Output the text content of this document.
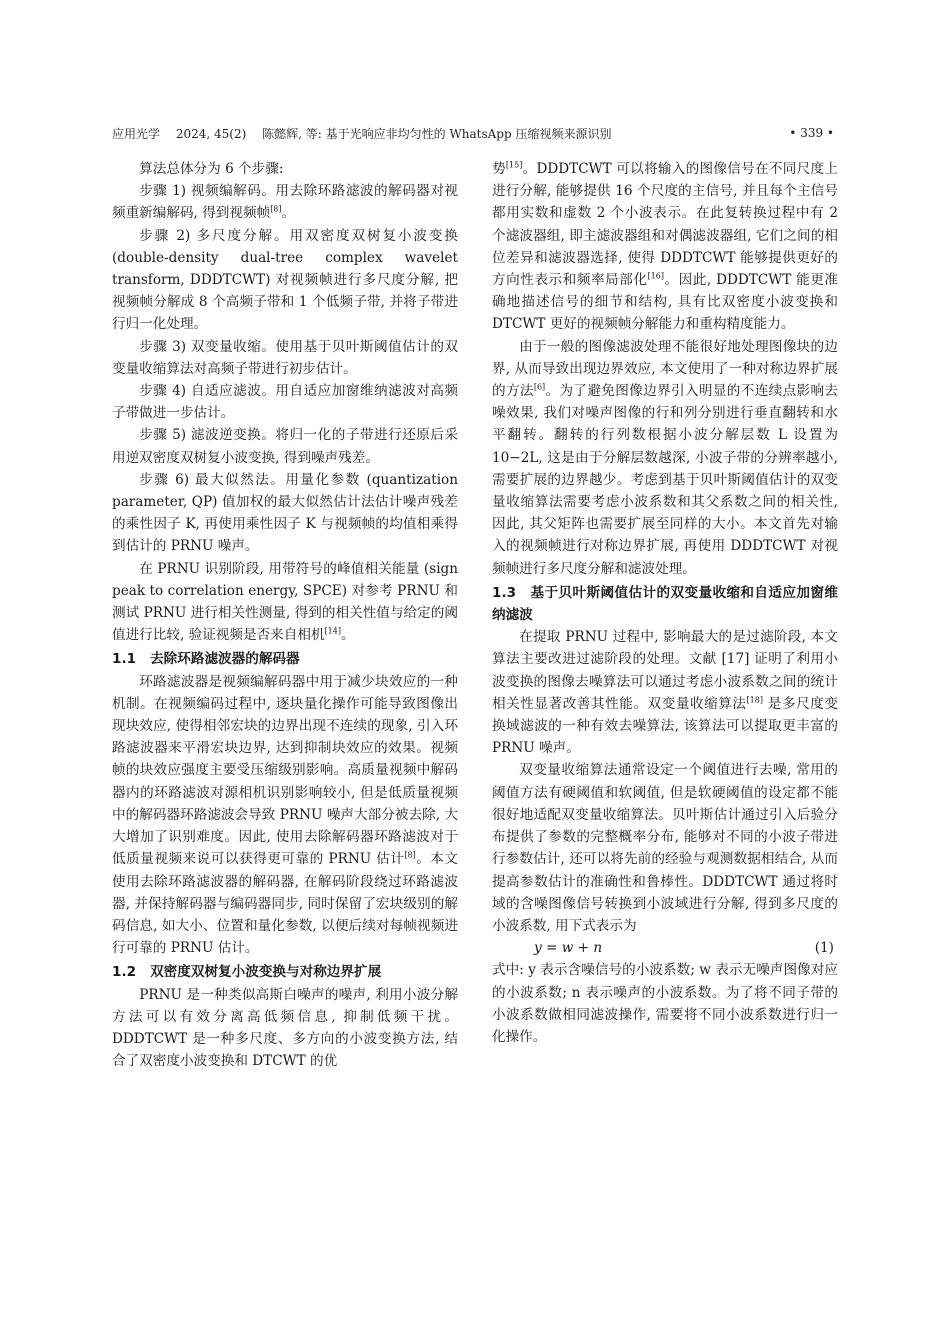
应用光学 2024, 45(2) 陈懿辉, 等: 基于光响应非均匀性的 WhatsApp 压缩视频来源识别	• 339 •

算法总体分为 6 个步骤:

步骤 1) 视频编解码。用去除环路滤波的解码器对视频重新编解码, 得到视频帧[8]。

步骤 2) 多尺度分解。用双密度双树复小波变换 (double-density dual-tree complex wavelet transform, DDDTCWT) 对视频帧进行多尺度分解, 把视频帧分解成 8 个高频子带和 1 个低频子带, 并将子带进行归一化处理。

步骤 3) 双变量收缩。使用基于贝叶斯阈值估计的双变量收缩算法对高频子带进行初步估计。

步骤 4) 自适应滤波。用自适应加窗维纳滤波对高频子带做进一步估计。

步骤 5) 滤波逆变换。将归一化的子带进行还原后采用逆双密度双树复小波变换, 得到噪声残差。

步骤 6) 最大似然法。用量化参数 (quantization parameter, QP) 值加权的最大似然估计法估计噪声残差的乘性因子 K, 再使用乘性因子 K 与视频帧的均值相乘得到估计的 PRNU 噪声。

在 PRNU 识别阶段, 用带符号的峰值相关能量 (sign peak to correlation energy, SPCE) 对参考 PRNU 和测试 PRNU 进行相关性测量, 得到的相关性值与给定的阈值进行比较, 验证视频是否来自相机[14]。

1.1 去除环路滤波器的解码器

环路滤波器是视频编解码器中用于减少块效应的一种机制。在视频编码过程中, 逐块量化操作可能导致图像出现块效应, 使得相邻宏块的边界出现不连续的现象, 引入环路滤波器来平滑宏块边界, 达到抑制块效应的效果。视频帧的块效应强度主要受压缩级别影响。高质量视频中解码器内的环路滤波对源相机识别影响较小, 但是低质量视频中的解码器环路滤波会导致 PRNU 噪声大部分被去除, 大大增加了识别难度。因此, 使用去除解码器环路滤波对于低质量视频来说可以获得更可靠的 PRNU 估计[8]。本文使用去除环路滤波器的解码器, 在解码阶段绕过环路滤波器, 并保持解码器与编码器同步, 同时保留了宏块级别的解码信息, 如大小、位置和量化参数, 以便后续对每帧视频进行可靠的 PRNU 估计。

1.2 双密度双树复小波变换与对称边界扩展

PRNU 是一种类似高斯白噪声的噪声, 利用小波分解方法可以有效分离高低频信息, 抑制低频干扰。DDDTCWT 是一种多尺度、多方向的小波变换方法, 结合了双密度小波变换和 DTCWT 的优

势[15]。DDDTCWT 可以将输入的图像信号在不同尺度上进行分解, 能够提供 16 个尺度的主信号, 并且每个主信号都用实数和虚数 2 个小波表示。在此复转换过程中有 2 个滤波器组, 即主滤波器组和对偶滤波器组, 它们之间的相位差异和滤波器选择, 使得 DDDTCWT 能够提供更好的方向性表示和频率局部化[16]。因此, DDDTCWT 能更准确地描述信号的细节和结构, 具有比双密度小波变换和 DTCWT 更好的视频帧分解能力和重构精度能力。

由于一般的图像滤波处理不能很好地处理图像块的边界, 从而导致出现边界效应, 本文使用了一种对称边界扩展的方法[6]。为了避免图像边界引入明显的不连续点影响去噪效果, 我们对噪声图像的行和列分别进行垂直翻转和水平翻转。翻转的行列数根据小波分解层数 L 设置为 10−2L, 这是由于分解层数越深, 小波子带的分辨率越小, 需要扩展的边界越少。考虑到基于贝叶斯阈值估计的双变量收缩算法需要考虑小波系数和其父系数之间的相关性, 因此, 其父矩阵也需要扩展至同样的大小。本文首先对输入的视频帧进行对称边界扩展, 再使用 DDDTCWT 对视频帧进行多尺度分解和滤波处理。

1.3 基于贝叶斯阈值估计的双变量收缩和自适应加窗维纳滤波

在提取 PRNU 过程中, 影响最大的是过滤阶段, 本文算法主要改进过滤阶段的处理。文献 [17] 证明了利用小波变换的图像去噪算法可以通过考虑小波系数之间的统计相关性显著改善其性能。双变量收缩算法[18] 是多尺度变换域滤波的一种有效去噪算法, 该算法可以提取更丰富的 PRNU 噪声。

双变量收缩算法通常设定一个阈值进行去噪, 常用的阈值方法有硬阈值和软阈值, 但是软硬阈值的设定都不能很好地适配双变量收缩算法。贝叶斯估计通过引入后验分布提供了参数的完整概率分布, 能够对不同的小波子带进行参数估计, 还可以将先前的经验与观测数据相结合, 从而提高参数估计的准确性和鲁棒性。DDDTCWT 通过将时域的含噪图像信号转换到小波域进行分解, 得到多尺度的小波系数, 用下式表示为

y = w + n	(1)

式中: y 表示含噪信号的小波系数; w 表示无噪声图像对应的小波系数; n 表示噪声的小波系数。为了将不同子带的小波系数做相同滤波操作, 需要将不同小波系数进行归一化操作。
